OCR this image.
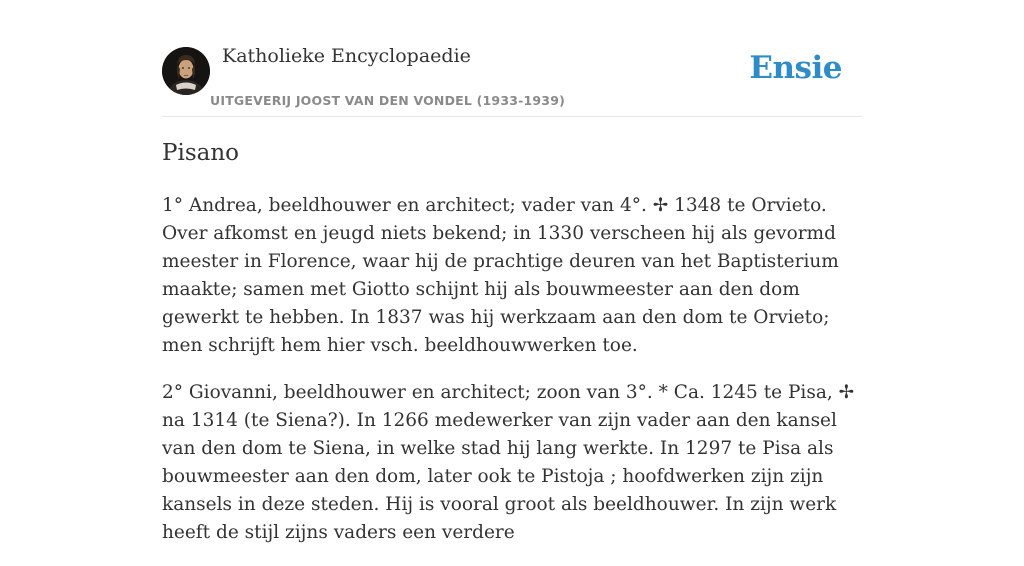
Katholieke Encyclopaedie
UITGEVERIJ JOOST VAN DEN VONDEL (1933-1939)
Ensie
Pisano

1° Andrea, beeldhouwer en architect; vader van 4°. ✢ 1348 te Orvieto. Over afkomst en jeugd niets bekend; in 1330 verscheen hij als gevormd meester in Florence, waar hij de prachtige deuren van het Baptisterium maakte; samen met Giotto schijnt hij als bouwmeester aan den dom gewerkt te hebben. In 1837 was hij werkzaam aan den dom te Orvieto; men schrijft hem hier vsch. beeldhouwwerken toe.

2° Giovanni, beeldhouwer en architect; zoon van 3°. * Ca. 1245 te Pisa, ✢ na 1314 (te Siena?). In 1266 medewerker van zijn vader aan den kansel van den dom te Siena, in welke stad hij lang werkte. In 1297 te Pisa als bouwmeester aan den dom, later ook te Pistoja ; hoofdwerken zijn zijn kansels in deze steden. Hij is vooral groot als beeldhouwer. In zijn werk heeft de stijl zijns vaders een verdere
